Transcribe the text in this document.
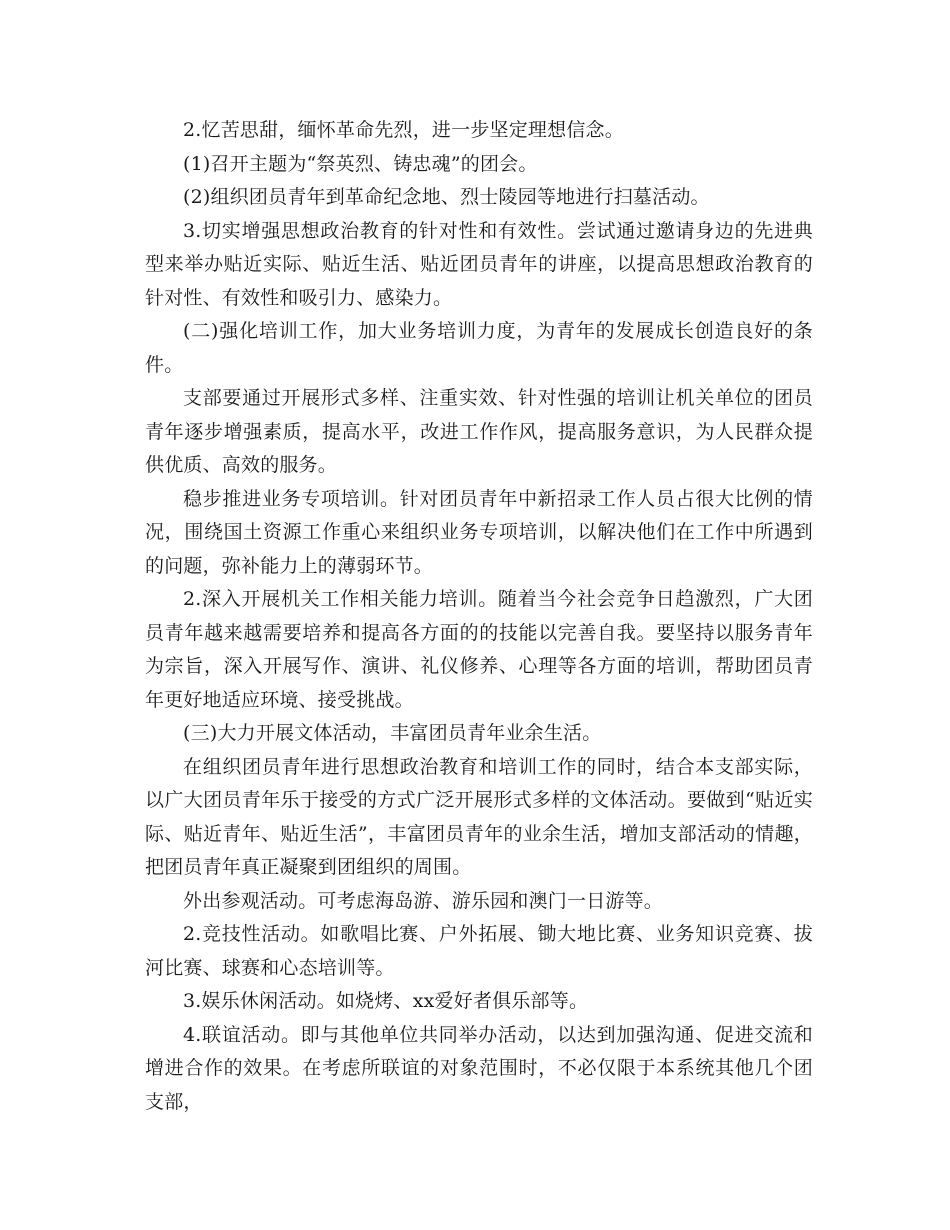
2.忆苦思甜，缅怀革命先烈，进一步坚定理想信念。

(1)召开主题为“祭英烈、铸忠魂”的团会。

(2)组织团员青年到革命纪念地、烈士陵园等地进行扫墓活动。

3.切实增强思想政治教育的针对性和有效性。尝试通过邀请身边的先进典型来举办贴近实际、贴近生活、贴近团员青年的讲座，以提高思想政治教育的针对性、有效性和吸引力、感染力。

(二)强化培训工作，加大业务培训力度，为青年的发展成长创造良好的条件。

支部要通过开展形式多样、注重实效、针对性强的培训让机关单位的团员青年逐步增强素质，提高水平，改进工作作风，提高服务意识，为人民群众提供优质、高效的服务。

稳步推进业务专项培训。针对团员青年中新招录工作人员占很大比例的情况，围绕国土资源工作重心来组织业务专项培训，以解决他们在工作中所遇到的问题，弥补能力上的薄弱环节。

2.深入开展机关工作相关能力培训。随着当今社会竞争日趋激烈，广大团员青年越来越需要培养和提高各方面的的技能以完善自我。要坚持以服务青年为宗旨，深入开展写作、演讲、礼仪修养、心理等各方面的培训，帮助团员青年更好地适应环境、接受挑战。

(三)大力开展文体活动，丰富团员青年业余生活。

在组织团员青年进行思想政治教育和培训工作的同时，结合本支部实际，以广大团员青年乐于接受的方式广泛开展形式多样的文体活动。要做到“贴近实际、贴近青年、贴近生活”，丰富团员青年的业余生活，增加支部活动的情趣，把团员青年真正凝聚到团组织的周围。

外出参观活动。可考虑海岛游、游乐园和澳门一日游等。

2.竞技性活动。如歌唱比赛、户外拓展、锄大地比赛、业务知识竞赛、拔河比赛、球赛和心态培训等。

3.娱乐休闲活动。如烧烤、xx爱好者俱乐部等。

4.联谊活动。即与其他单位共同举办活动，以达到加强沟通、促进交流和增进合作的效果。在考虑所联谊的对象范围时，不必仅限于本系统其他几个团支部，
